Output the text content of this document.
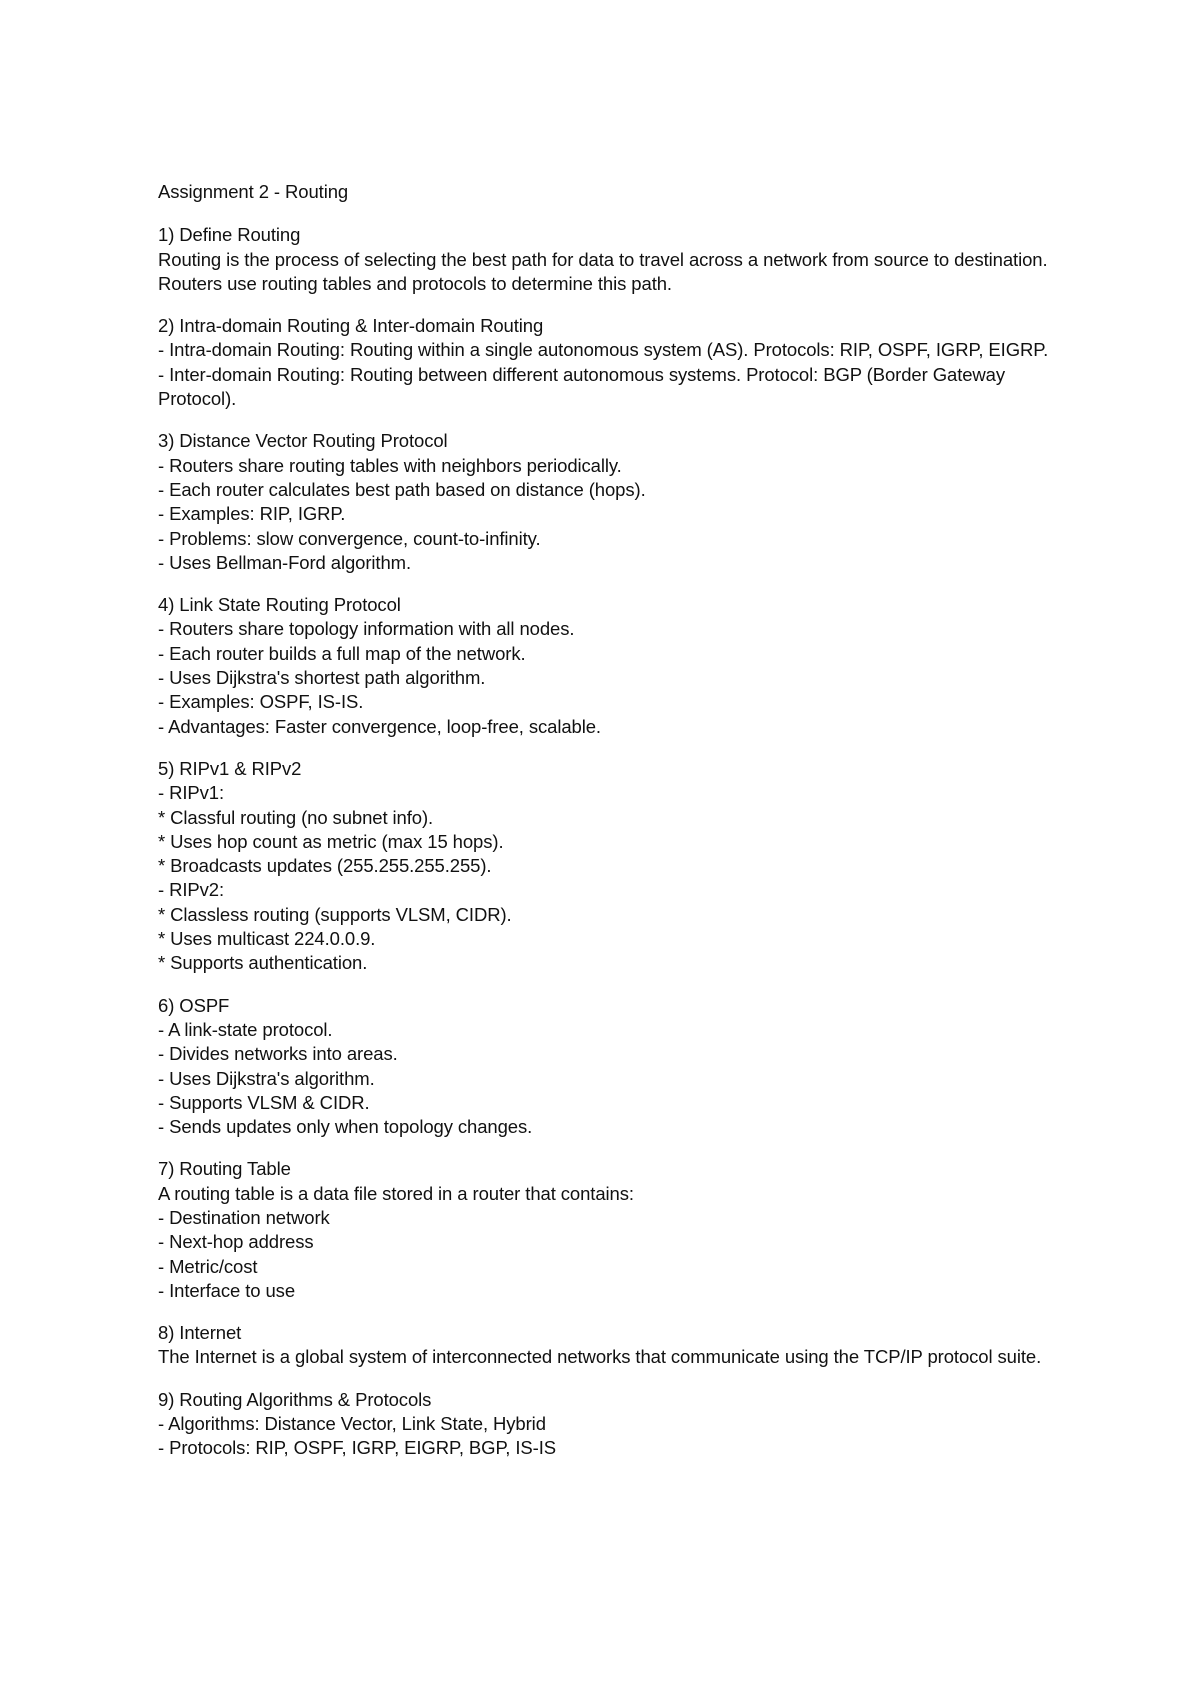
Assignment 2 - Routing
1) Define Routing
Routing is the process of selecting the best path for data to travel across a network from source to destination. Routers use routing tables and protocols to determine this path.
2) Intra-domain Routing & Inter-domain Routing
- Intra-domain Routing: Routing within a single autonomous system (AS). Protocols: RIP, OSPF, IGRP, EIGRP.
- Inter-domain Routing: Routing between different autonomous systems. Protocol: BGP (Border Gateway Protocol).
3) Distance Vector Routing Protocol
- Routers share routing tables with neighbors periodically.
- Each router calculates best path based on distance (hops).
- Examples: RIP, IGRP.
- Problems: slow convergence, count-to-infinity.
- Uses Bellman-Ford algorithm.
4) Link State Routing Protocol
- Routers share topology information with all nodes.
- Each router builds a full map of the network.
- Uses Dijkstra's shortest path algorithm.
- Examples: OSPF, IS-IS.
- Advantages: Faster convergence, loop-free, scalable.
5) RIPv1 & RIPv2
- RIPv1:
* Classful routing (no subnet info).
* Uses hop count as metric (max 15 hops).
* Broadcasts updates (255.255.255.255).
- RIPv2:
* Classless routing (supports VLSM, CIDR).
* Uses multicast 224.0.0.9.
* Supports authentication.
6) OSPF
- A link-state protocol.
- Divides networks into areas.
- Uses Dijkstra's algorithm.
- Supports VLSM & CIDR.
- Sends updates only when topology changes.
7) Routing Table
A routing table is a data file stored in a router that contains:
- Destination network
- Next-hop address
- Metric/cost
- Interface to use
8) Internet
The Internet is a global system of interconnected networks that communicate using the TCP/IP protocol suite.
9) Routing Algorithms & Protocols
- Algorithms: Distance Vector, Link State, Hybrid
- Protocols: RIP, OSPF, IGRP, EIGRP, BGP, IS-IS
